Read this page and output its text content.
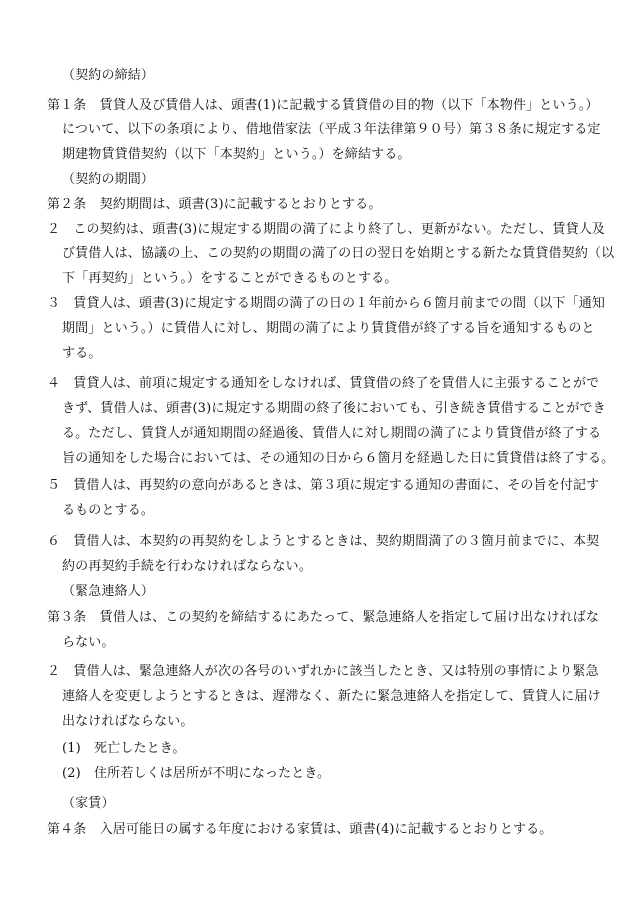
（契約の締結）
第１条　賃貸人及び賃借人は、頭書(1)に記載する賃貸借の目的物（以下「本物件」という。）
について、以下の条項により、借地借家法（平成３年法律第９０号）第３８条に規定する定
期建物賃貸借契約（以下「本契約」という。）を締結する。
（契約の期間）
第２条　契約期間は、頭書(3)に記載するとおりとする。
２　この契約は、頭書(3)に規定する期間の満了により終了し、更新がない。ただし、賃貸人及
び賃借人は、協議の上、この契約の期間の満了の日の翌日を始期とする新たな賃貸借契約（以
下「再契約」という。）をすることができるものとする。
３　賃貸人は、頭書(3)に規定する期間の満了の日の１年前から６箇月前までの間（以下「通知
期間」という。）に賃借人に対し、期間の満了により賃貸借が終了する旨を通知するものと
する。
４　賃貸人は、前項に規定する通知をしなければ、賃貸借の終了を賃借人に主張することがで
きず、賃借人は、頭書(3)に規定する期間の終了後においても、引き続き賃借することができ
る。ただし、賃貸人が通知期間の経過後、賃借人に対し期間の満了により賃貸借が終了する
旨の通知をした場合においては、その通知の日から６箇月を経過した日に賃貸借は終了する。
５　賃借人は、再契約の意向があるときは、第３項に規定する通知の書面に、その旨を付記す
るものとする。
６　賃借人は、本契約の再契約をしようとするときは、契約期間満了の３箇月前までに、本契
約の再契約手続を行わなければならない。
（緊急連絡人）
第３条　賃借人は、この契約を締結するにあたって、緊急連絡人を指定して届け出なければな
らない。
２　賃借人は、緊急連絡人が次の各号のいずれかに該当したとき、又は特別の事情により緊急
連絡人を変更しようとするときは、遅滞なく、新たに緊急連絡人を指定して、賃貸人に届け
出なければならない。
(1)　死亡したとき。
(2)　住所若しくは居所が不明になったとき。
（家賃）
第４条　入居可能日の属する年度における家賃は、頭書(4)に記載するとおりとする。
